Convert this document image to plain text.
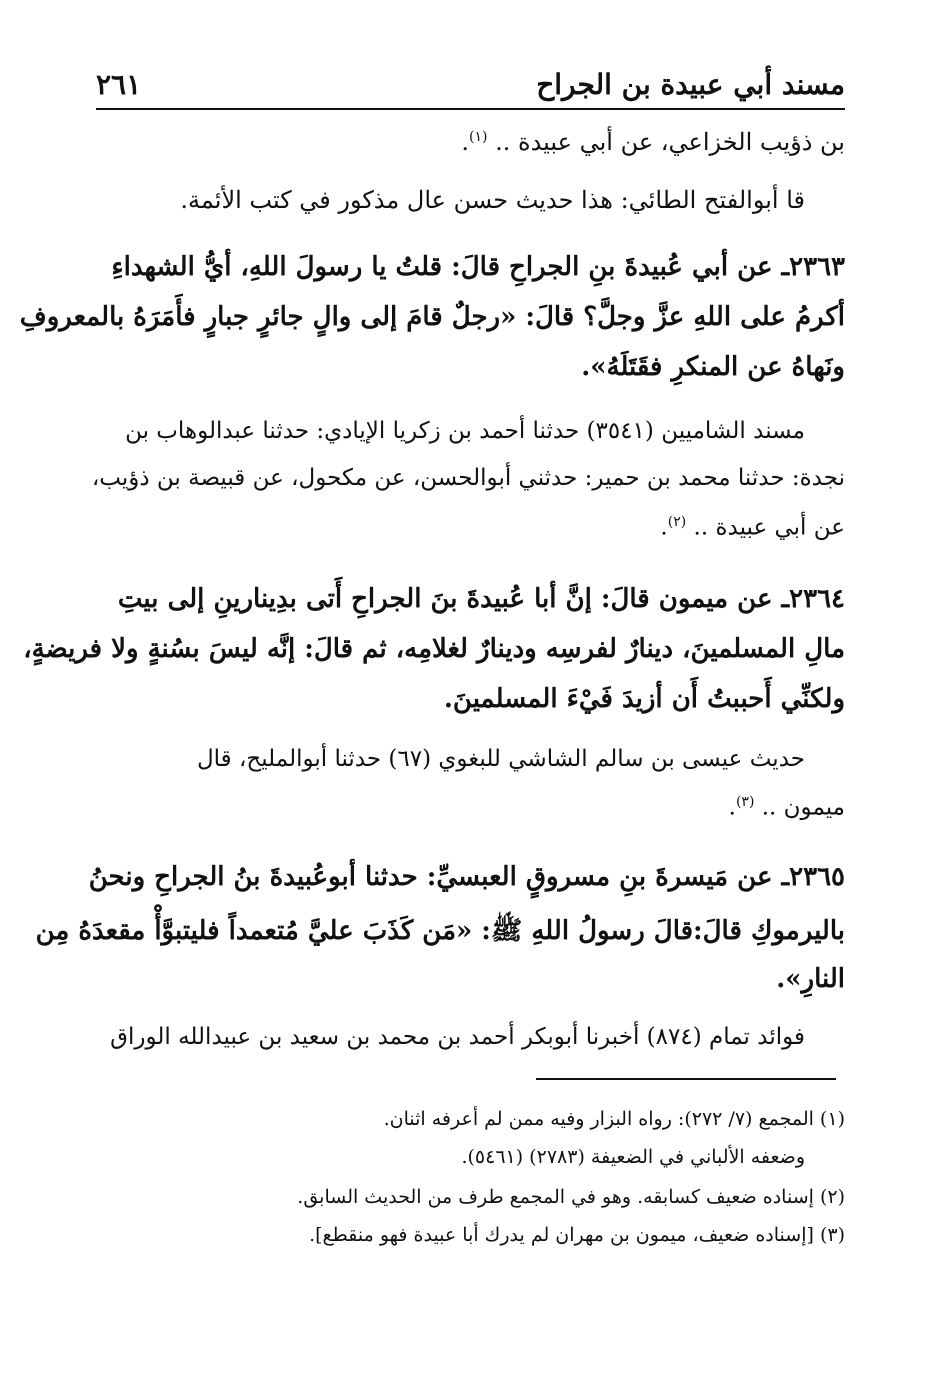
مسند أبي عبيدة بن الجراح
٢٦١
بن ذؤيب الخزاعي، عن أبي عبيدة .. $^{(١)}$.
قا أبوالفتح الطائي: هذا حديث حسن عال مذكور في كتب الأئمة.
٢٣٦٣ـ عن أبي عُبيدةَ بنِ الجراحِ قالَ: قلتُ يا رسولَ اللهِ، أيُّ الشهداءِ
أكرمُ على اللهِ عزَّ وجلَّ؟ قالَ: «رجلٌ قامَ إلى والٍ جائرٍ جبارٍ فأَمَرَهُ بالمعروفِ
ونَهاهُ عن المنكرِ فقَتَلَهُ».
مسند الشاميين (٣٥٤١) حدثنا أحمد بن زكريا الإيادي: حدثنا عبدالوهاب بن
نجدة: حدثنا محمد بن حمير: حدثني أبوالحسن، عن مكحول، عن قبيصة بن ذؤيب،
عن أبي عبيدة .. $^{(٢)}$.
٢٣٦٤ـ عن ميمون قالَ: إنَّ أبا عُبيدةَ بنَ الجراحِ أَتى بدِينارينِ إلى بيتِ
مالِ المسلمينَ، دينارٌ لفرسِه ودينارٌ لغلامِه، ثم قالَ: إنَّه ليسَ بسُنةٍ ولا فريضةٍ،
ولكنِّي أَحببتُ أَن أزيدَ فَيْءَ المسلمينَ.
حديث عيسى بن سالم الشاشي للبغوي (٦٧) حدثنا أبوالمليح، قال
ميمون .. $^{(٣)}$.
٢٣٦٥ـ عن مَيسرةَ بنِ مسروقٍ العبسيِّ: حدثنا أبوعُبيدةَ بنُ الجراحِ ونحنُ
باليرموكِ قالَ:قالَ رسولُ اللهِ ﷺ: «مَن كَذَبَ عليَّ مُتعمداً فليتبوَّأْ مقعدَهُ مِن
النارِ».
فوائد تمام (٨٧٤) أخبرنا أبوبكر أحمد بن محمد بن سعيد بن عبيدالله الوراق
(١) المجمع (٧/ ٢٧٢): رواه البزار وفيه ممن لم أعرفه اثنان.
وضعفه الألباني في الضعيفة (٢٧٨٣) (٥٤٦١).
(٢) إسناده ضعيف كسابقه. وهو في المجمع طرف من الحديث السابق.
(٣) [إسناده ضعيف، ميمون بن مهران لم يدرك أبا عبيدة فهو منقطع].
